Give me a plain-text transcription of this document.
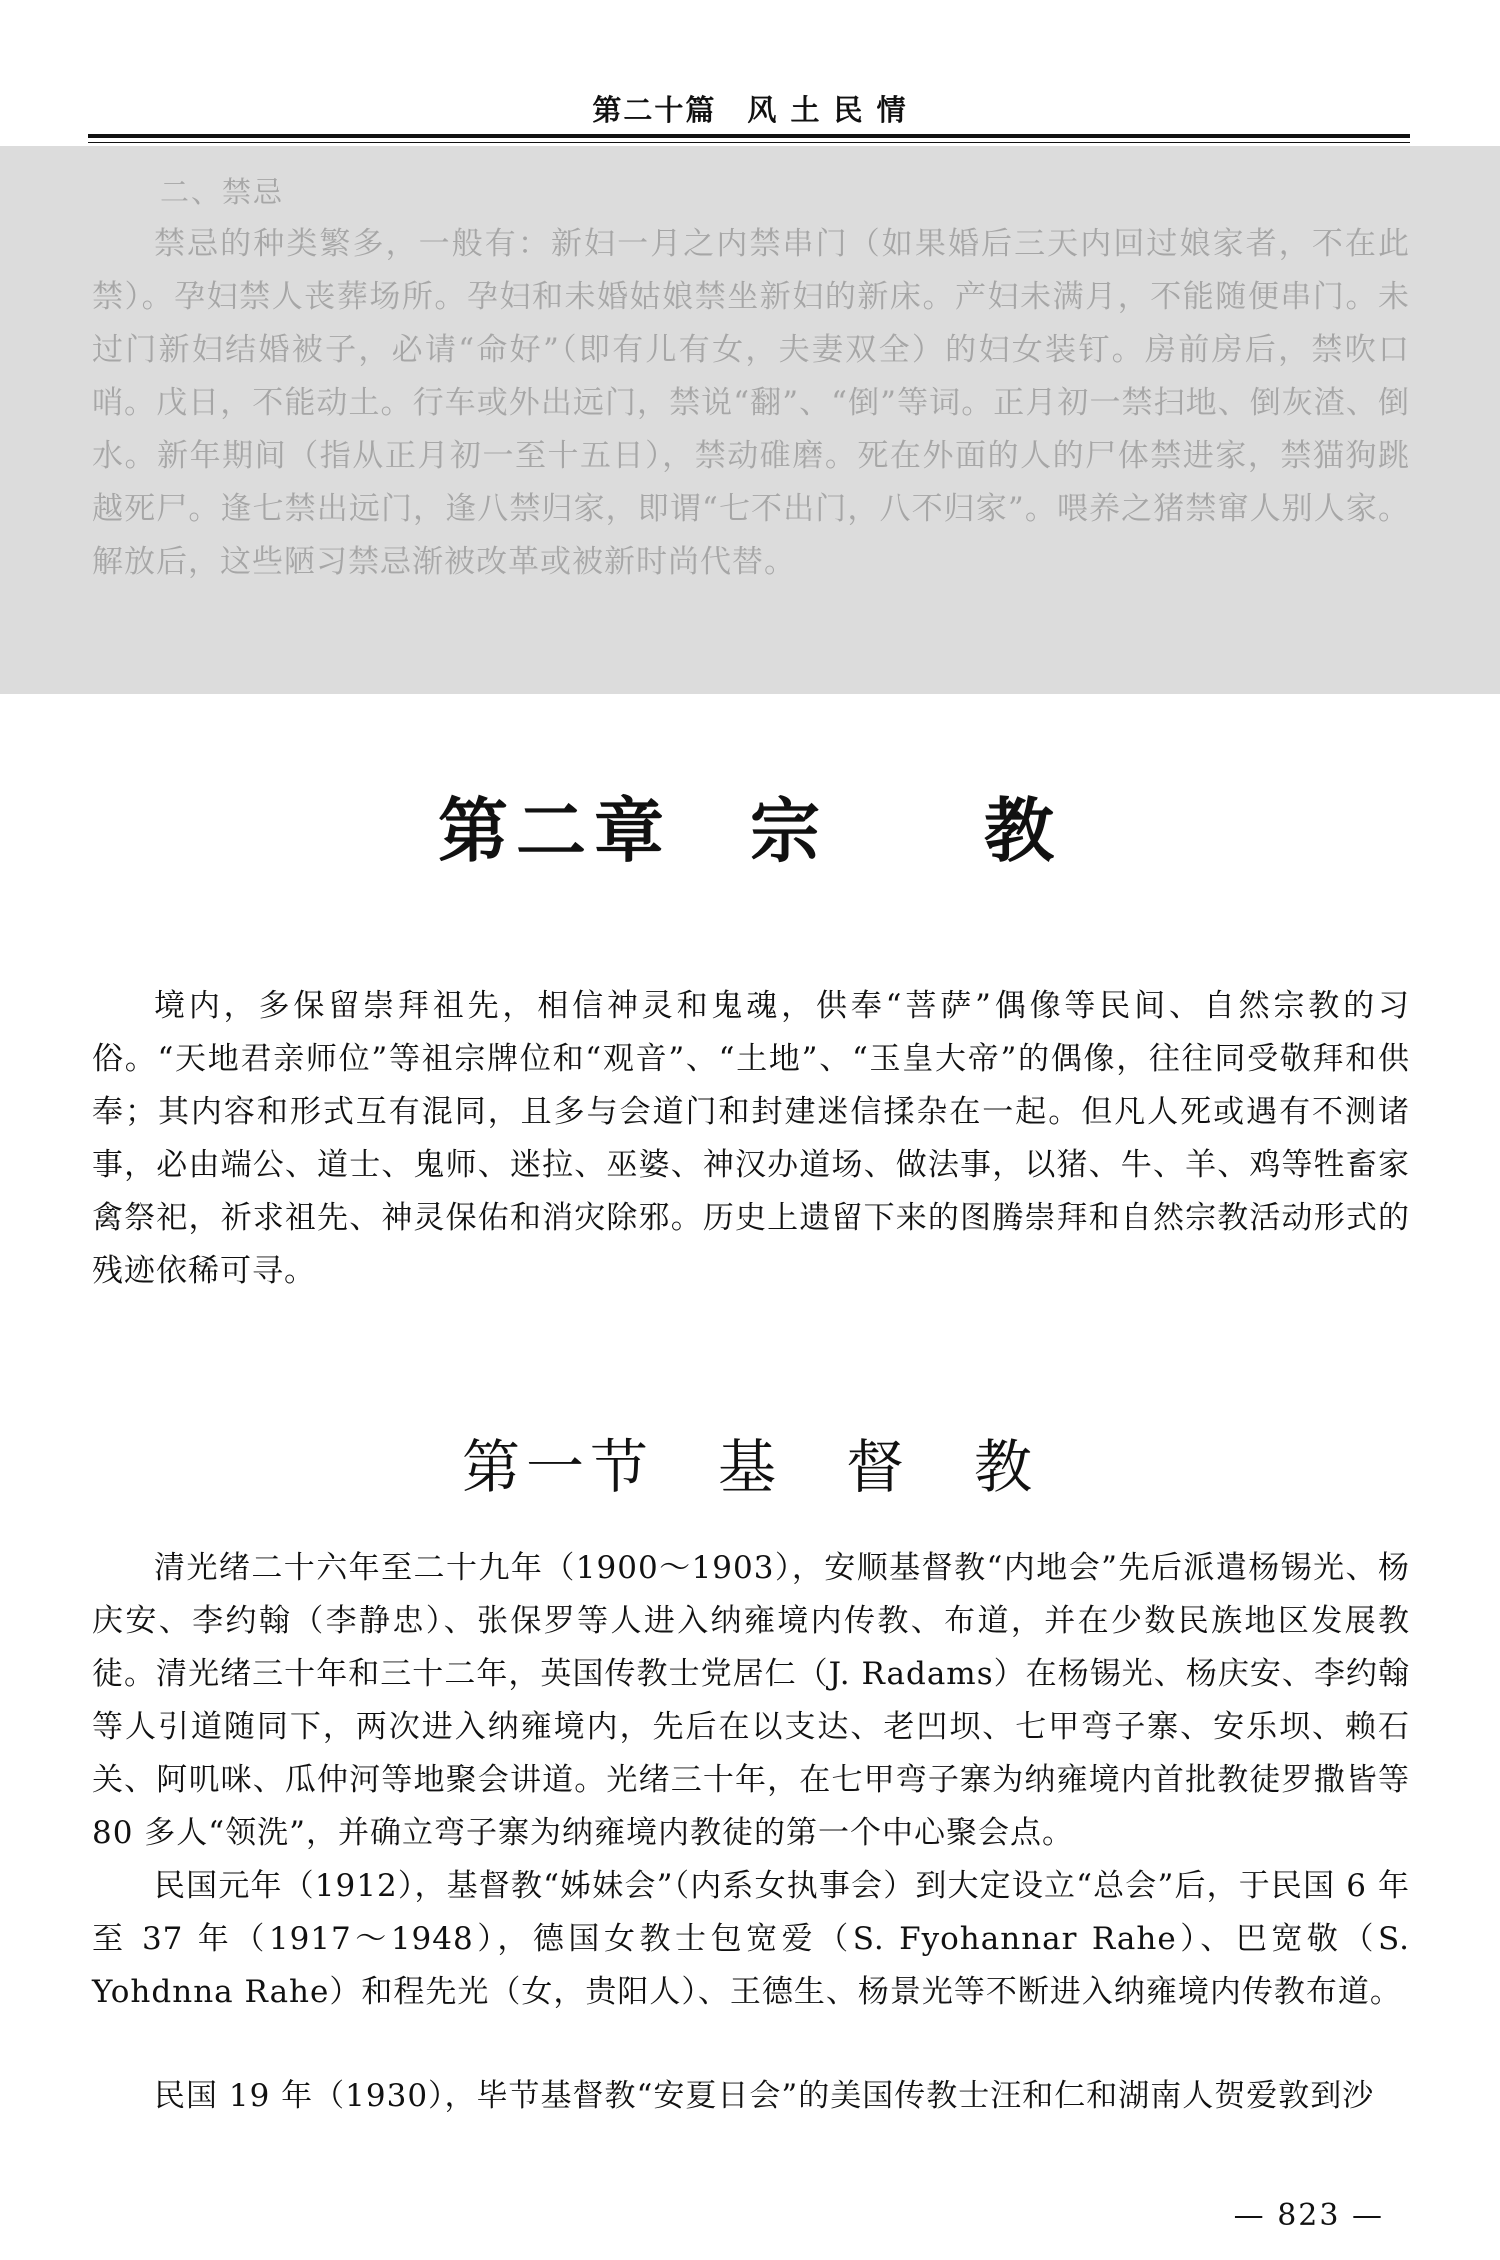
第二十篇　风 土 民 情
二、禁忌

禁忌的种类繁多，一般有：新妇一月之内禁串门（如果婚后三天内回过娘家者，不在此禁）。孕妇禁人丧葬场所。孕妇和未婚姑娘禁坐新妇的新床。产妇未满月，不能随便串门。未过门新妇结婚被子，必请“命好”（即有儿有女，夫妻双全）的妇女装钉。房前房后，禁吹口哨。戊日，不能动土。行车或外出远门，禁说“翻”、“倒”等词。正月初一禁扫地、倒灰渣、倒水。新年期间（指从正月初一至十五日），禁动碓磨。死在外面的人的尸体禁进家，禁猫狗跳越死尸。逢七禁出远门，逢八禁归家，即谓“七不出门，八不归家”。喂养之猪禁窜人别人家。解放后，这些陋习禁忌渐被改革或被新时尚代替。

第二章　宗　　教

境内，多保留崇拜祖先，相信神灵和鬼魂，供奉“菩萨”偶像等民间、自然宗教的习俗。“天地君亲师位”等祖宗牌位和“观音”、“土地”、“玉皇大帝”的偶像，往往同受敬拜和供奉；其内容和形式互有混同，且多与会道门和封建迷信揉杂在一起。但凡人死或遇有不测诸事，必由端公、道士、鬼师、迷拉、巫婆、神汉办道场、做法事，以猪、牛、羊、鸡等牲畜家禽祭祀，祈求祖先、神灵保佑和消灾除邪。历史上遗留下来的图腾崇拜和自然宗教活动形式的残迹依稀可寻。

第一节　基　督　教

清光绪二十六年至二十九年（1900～1903），安顺基督教“内地会”先后派遣杨锡光、杨庆安、李约翰（李静忠）、张保罗等人进入纳雍境内传教、布道，并在少数民族地区发展教徒。清光绪三十年和三十二年，英国传教士党居仁（J. Radams）在杨锡光、杨庆安、李约翰等人引道随同下，两次进入纳雍境内，先后在以支达、老凹坝、七甲弯子寨、安乐坝、赖石关、阿叽咪、瓜仲河等地聚会讲道。光绪三十年，在七甲弯子寨为纳雍境内首批教徒罗撒皆等 80 多人“领洗”，并确立弯子寨为纳雍境内教徒的第一个中心聚会点。

民国元年（1912），基督教“姊妹会”（内系女执事会）到大定设立“总会”后，于民国 6 年至 37 年（1917～1948），德国女教士包宽爱（S. Fyohannar Rahe）、巴宽敬（S. Yohdnna Rahe）和程先光（女，贵阳人）、王德生、杨景光等不断进入纳雍境内传教布道。

民国 19 年（1930），毕节基督教“安夏日会”的美国传教士汪和仁和湖南人贺爱敦到沙

— 823 —
